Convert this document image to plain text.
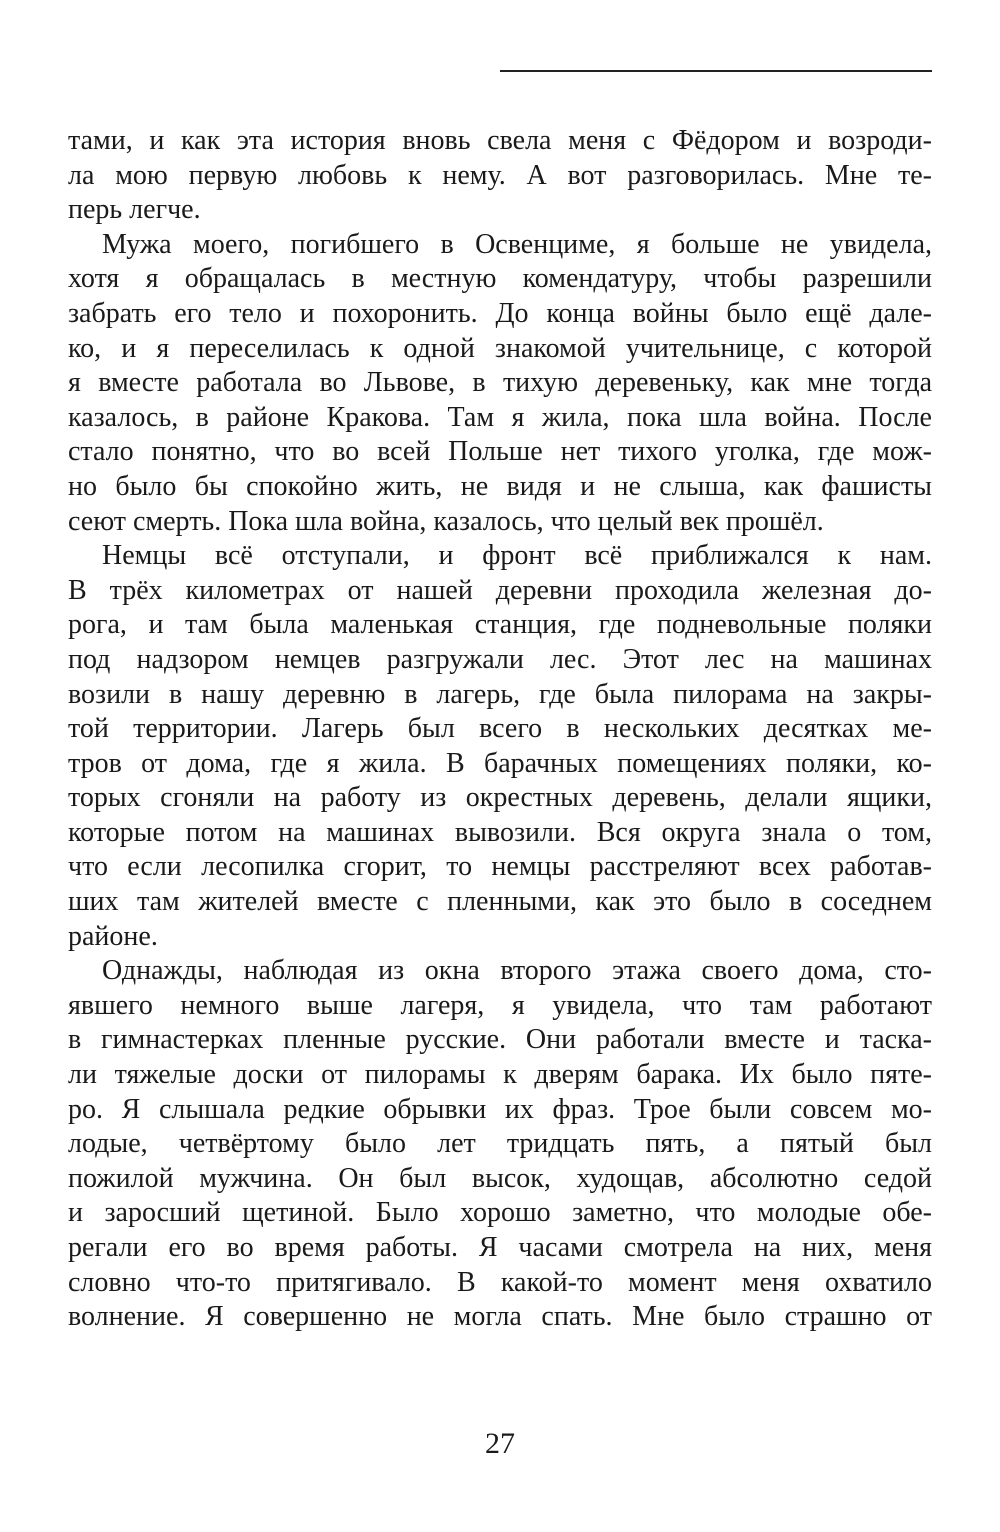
тами, и как эта история вновь свела меня с Фёдором и возроди-
ла мою первую любовь к нему. А вот разговорилась. Мне те-
перь легче.
Мужа моего, погибшего в Освенциме, я больше не увидела,
хотя я обращалась в местную комендатуру, чтобы разрешили
забрать его тело и похоронить. До конца войны было ещё дале-
ко, и я переселилась к одной знакомой учительнице, с которой
я вместе работала во Львове, в тихую деревеньку, как мне тогда
казалось, в районе Кракова. Там я жила, пока шла война. После
стало понятно, что во всей Польше нет тихого уголка, где мож-
но было бы спокойно жить, не видя и не слыша, как фашисты
сеют смерть. Пока шла война, казалось, что целый век прошёл.
Немцы всё отступали, и фронт всё приближался к нам.
В трёх километрах от нашей деревни проходила железная до-
рога, и там была маленькая станция, где подневольные поляки
под надзором немцев разгружали лес. Этот лес на машинах
возили в нашу деревню в лагерь, где была пилорама на закры-
той территории. Лагерь был всего в нескольких десятках ме-
тров от дома, где я жила. В барачных помещениях поляки, ко-
торых сгоняли на работу из окрестных деревень, делали ящики,
которые потом на машинах вывозили. Вся округа знала о том,
что если лесопилка сгорит, то немцы расстреляют всех работав-
ших там жителей вместе с пленными, как это было в соседнем
районе.
Однажды, наблюдая из окна второго этажа своего дома, сто-
явшего немного выше лагеря, я увидела, что там работают
в гимнастерках пленные русские. Они работали вместе и таска-
ли тяжелые доски от пилорамы к дверям барака. Их было пяте-
ро. Я слышала редкие обрывки их фраз. Трое были совсем мо-
лодые, четвёртому было лет тридцать пять, а пятый был
пожилой мужчина. Он был высок, худощав, абсолютно седой
и заросший щетиной. Было хорошо заметно, что молодые обе-
регали его во время работы. Я часами смотрела на них, меня
словно что-то притягивало. В какой-то момент меня охватило
волнение. Я совершенно не могла спать. Мне было страшно от
27
